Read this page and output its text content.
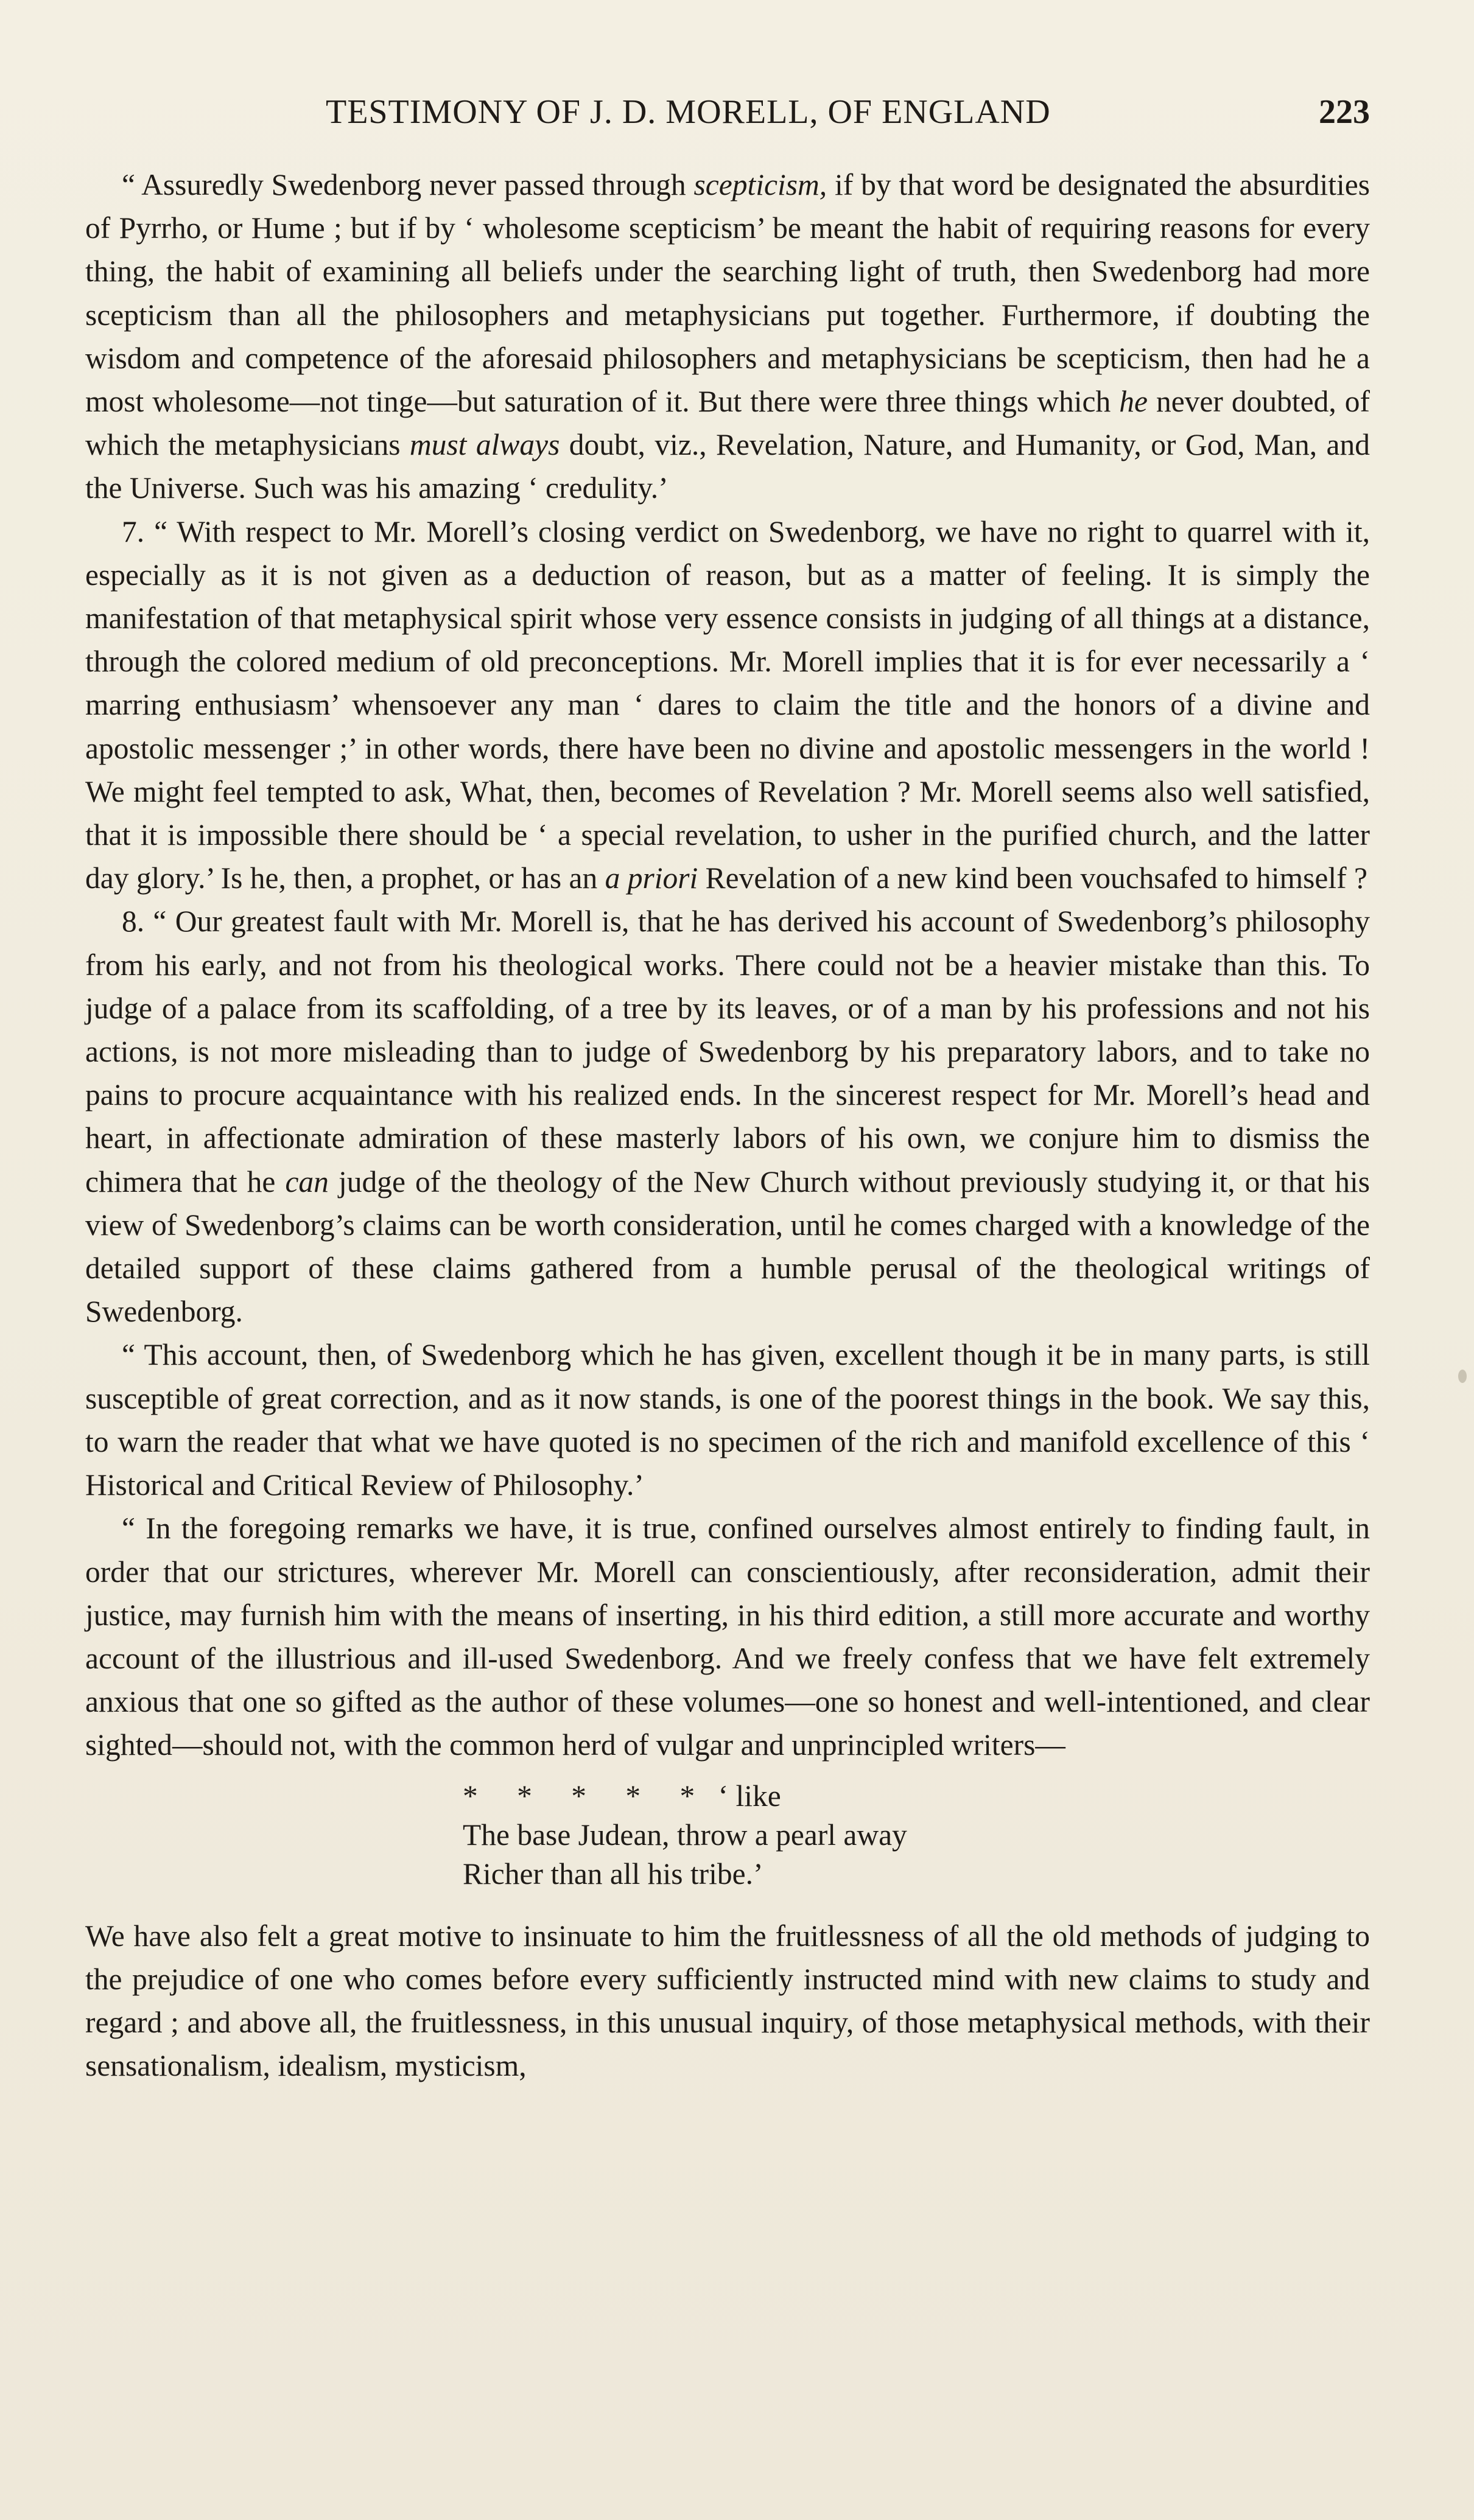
TESTIMONY OF J. D. MORELL, OF ENGLAND	223

“ Assuredly Swedenborg never passed through scepticism, if by that word be designated the absurdities of Pyrrho, or Hume ; but if by ‘ wholesome scepticism’ be meant the habit of requiring reasons for every thing, the habit of examining all beliefs under the searching light of truth, then Swedenborg had more scepticism than all the philosophers and metaphysicians put together. Furthermore, if doubting the wisdom and competence of the aforesaid philosophers and metaphysicians be scepticism, then had he a most wholesome—not tinge—but saturation of it. But there were three things which he never doubted, of which the metaphysicians must always doubt, viz., Revelation, Nature, and Humanity, or God, Man, and the Universe. Such was his amazing ‘ credulity.’

7. “ With respect to Mr. Morell’s closing verdict on Swedenborg, we have no right to quarrel with it, especially as it is not given as a deduction of reason, but as a matter of feeling. It is simply the manifestation of that metaphysical spirit whose very essence consists in judging of all things at a distance, through the colored medium of old preconceptions. Mr. Morell implies that it is for ever necessarily a ‘ marring enthusiasm’ whensoever any man ‘ dares to claim the title and the honors of a divine and apostolic messenger ;’ in other words, there have been no divine and apostolic messengers in the world ! We might feel tempted to ask, What, then, becomes of Revelation ? Mr. Morell seems also well satisfied, that it is impossible there should be ‘ a special revelation, to usher in the purified church, and the latter day glory.’ Is he, then, a prophet, or has an a priori Revelation of a new kind been vouchsafed to himself ?

8. “ Our greatest fault with Mr. Morell is, that he has derived his account of Swedenborg’s philosophy from his early, and not from his theological works. There could not be a heavier mistake than this. To judge of a palace from its scaffolding, of a tree by its leaves, or of a man by his professions and not his actions, is not more misleading than to judge of Swedenborg by his preparatory labors, and to take no pains to procure acquaintance with his realized ends. In the sincerest respect for Mr. Morell’s head and heart, in affectionate admiration of these masterly labors of his own, we conjure him to dismiss the chimera that he can judge of the theology of the New Church without previously studying it, or that his view of Swedenborg’s claims can be worth consideration, until he comes charged with a knowledge of the detailed support of these claims gathered from a humble perusal of the theological writings of Swedenborg.

“ This account, then, of Swedenborg which he has given, excellent though it be in many parts, is still susceptible of great correction, and as it now stands, is one of the poorest things in the book. We say this, to warn the reader that what we have quoted is no specimen of the rich and manifold excellence of this ‘ Historical and Critical Review of Philosophy.’

“ In the foregoing remarks we have, it is true, confined ourselves almost entirely to finding fault, in order that our strictures, wherever Mr. Morell can conscientiously, after reconsideration, admit their justice, may furnish him with the means of inserting, in his third edition, a still more accurate and worthy account of the illustrious and ill-used Swedenborg. And we freely confess that we have felt extremely anxious that one so gifted as the author of these volumes—one so honest and well-intentioned, and clear sighted—should not, with the common herd of vulgar and unprincipled writers—

* * * * * ‘ like
The base Judean, throw a pearl away
Richer than all his tribe.’

We have also felt a great motive to insinuate to him the fruitlessness of all the old methods of judging to the prejudice of one who comes before every sufficiently instructed mind with new claims to study and regard ; and above all, the fruitlessness, in this unusual inquiry, of those metaphysical methods, with their sensationalism, idealism, mysticism,
